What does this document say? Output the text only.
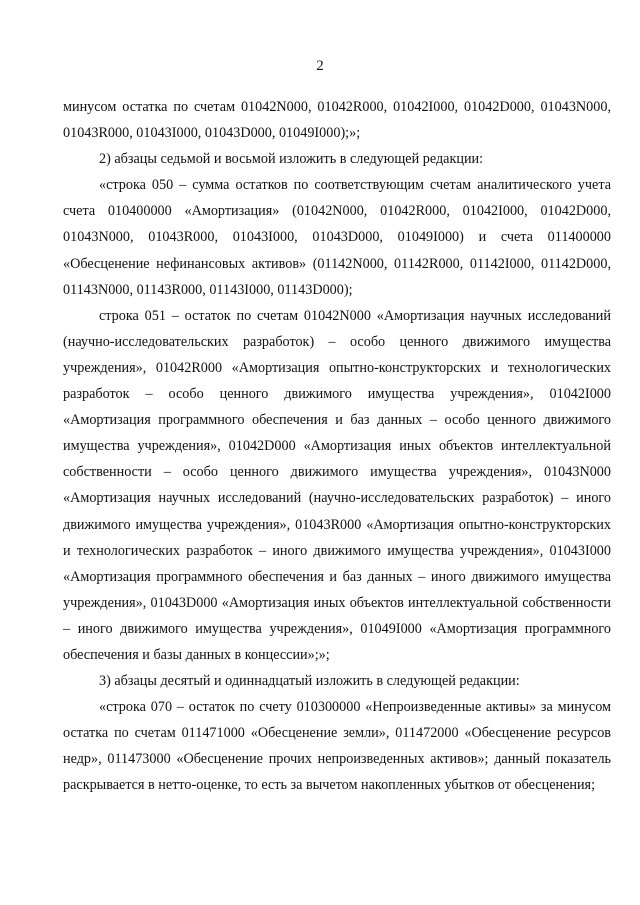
2

минусом остатка по счетам 01042N000, 01042R000, 01042I000, 01042D000, 01043N000, 01043R000, 01043I000, 01043D000, 01049I000);»;

2) абзацы седьмой и восьмой изложить в следующей редакции:

«строка 050 – сумма остатков по соответствующим счетам аналитического учета счета 010400000 «Амортизация» (01042N000, 01042R000, 01042I000, 01042D000, 01043N000, 01043R000, 01043I000, 01043D000, 01049I000) и счета 011400000 «Обесценение нефинансовых активов» (01142N000, 01142R000, 01142I000, 01142D000, 01143N000, 01143R000, 01143I000, 01143D000);

строка 051 – остаток по счетам 01042N000 «Амортизация научных исследований (научно-исследовательских разработок) – особо ценного движимого имущества учреждения», 01042R000 «Амортизация опытно-конструкторских и технологических разработок – особо ценного движимого имущества учреждения», 01042I000 «Амортизация программного обеспечения и баз данных – особо ценного движимого имущества учреждения», 01042D000 «Амортизация иных объектов интеллектуальной собственности – особо ценного движимого имущества учреждения», 01043N000 «Амортизация научных исследований (научно-исследовательских разработок) – иного движимого имущества учреждения», 01043R000 «Амортизация опытно-конструкторских и технологических разработок – иного движимого имущества учреждения», 01043I000 «Амортизация программного обеспечения и баз данных – иного движимого имущества учреждения», 01043D000 «Амортизация иных объектов интеллектуальной собственности – иного движимого имущества учреждения», 01049I000 «Амортизация программного обеспечения и базы данных в концессии»;»;

3) абзацы десятый и одиннадцатый изложить в следующей редакции:

«строка 070 – остаток по счету 010300000 «Непроизведенные активы» за минусом остатка по счетам 011471000 «Обесценение земли», 011472000 «Обесценение ресурсов недр», 011473000 «Обесценение прочих непроизведенных активов»; данный показатель раскрывается в нетто-оценке, то есть за вычетом накопленных убытков от обесценения;
